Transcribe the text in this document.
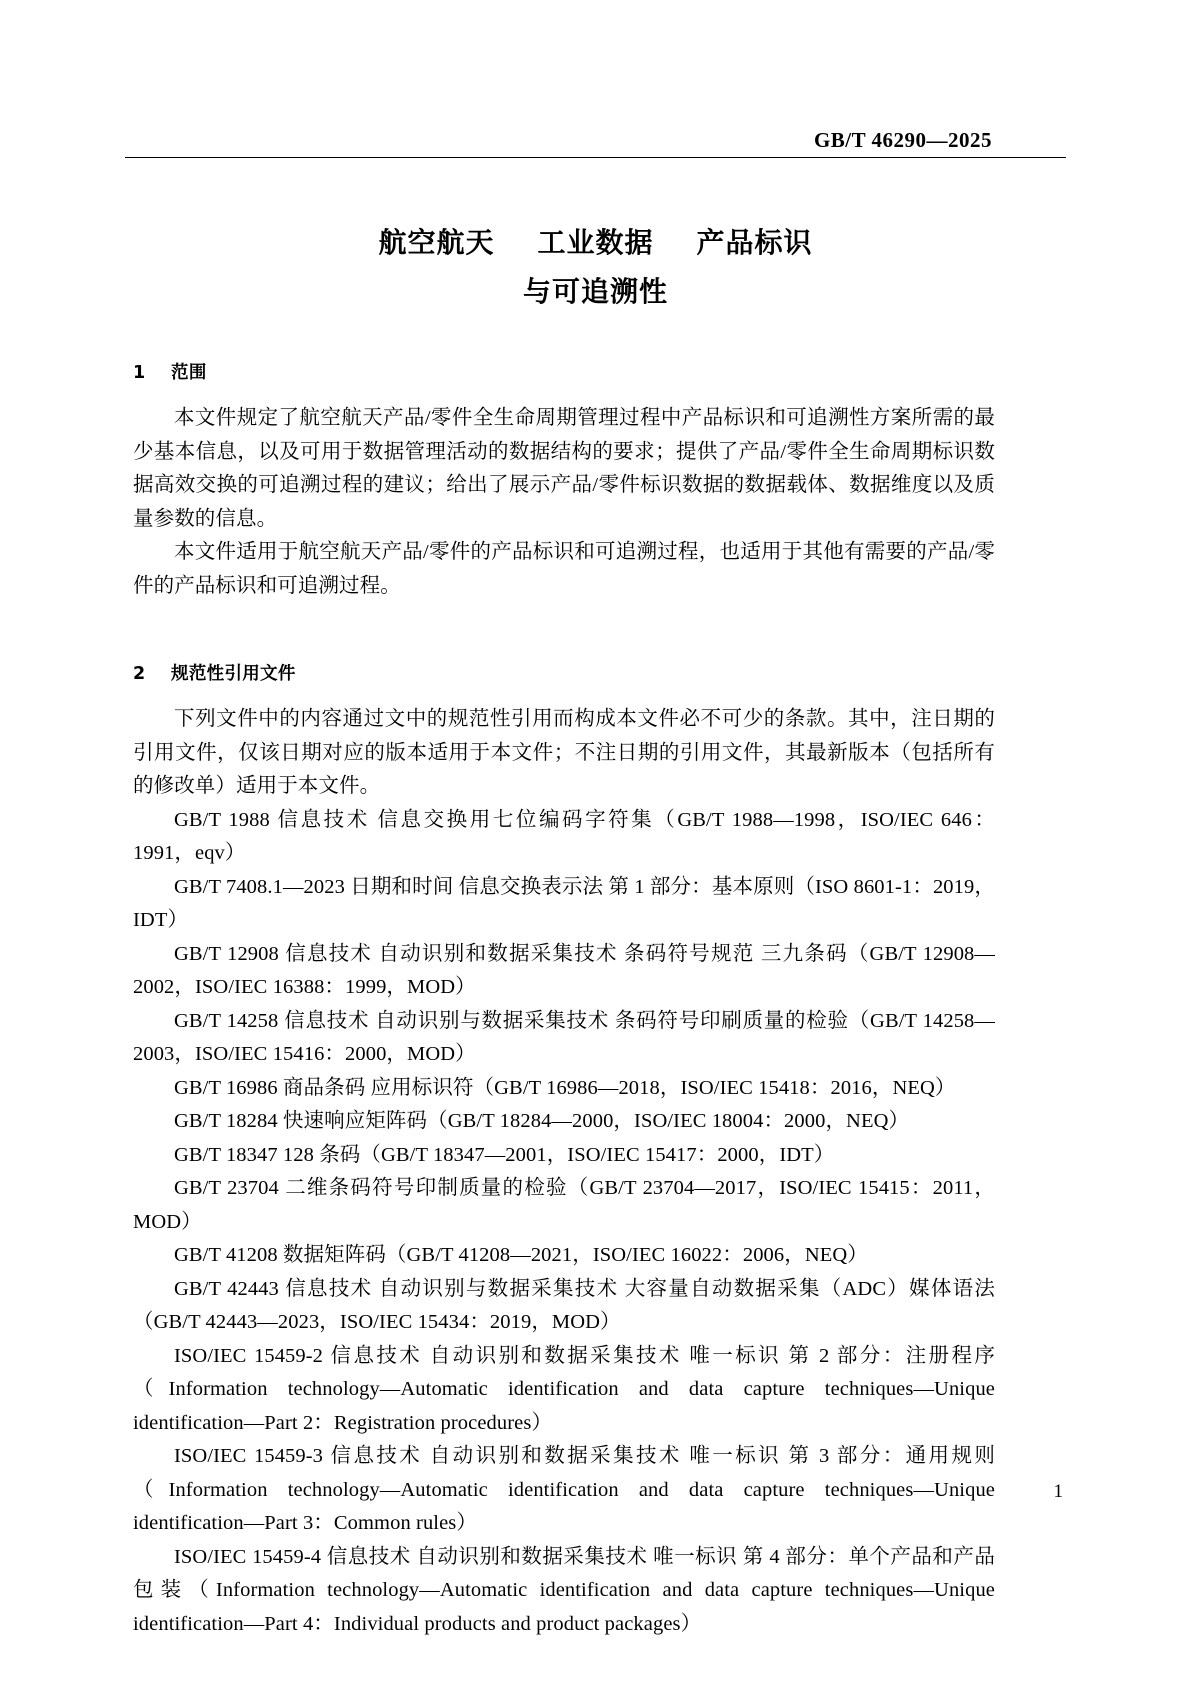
GB/T 46290—2025
航空航天    工业数据    产品标识
与可追溯性
1    范围

本文件规定了航空航天产品/零件全生命周期管理过程中产品标识和可追溯性方案所需的最少基本信息，以及可用于数据管理活动的数据结构的要求；提供了产品/零件全生命周期标识数据高效交换的可追溯过程的建议；给出了展示产品/零件标识数据的数据载体、数据维度以及质量参数的信息。

本文件适用于航空航天产品/零件的产品标识和可追溯过程，也适用于其他有需要的产品/零件的产品标识和可追溯过程。

2    规范性引用文件

下列文件中的内容通过文中的规范性引用而构成本文件必不可少的条款。其中，注日期的引用文件，仅该日期对应的版本适用于本文件；不注日期的引用文件，其最新版本（包括所有的修改单）适用于本文件。

GB/T 1988 信息技术 信息交换用七位编码字符集（GB/T 1988—1998，ISO/IEC 646：1991，eqv）

GB/T 7408.1—2023 日期和时间 信息交换表示法 第 1 部分：基本原则（ISO 8601-1：2019，IDT）

GB/T 12908 信息技术 自动识别和数据采集技术 条码符号规范 三九条码（GB/T 12908—2002，ISO/IEC 16388：1999，MOD）

GB/T 14258 信息技术 自动识别与数据采集技术 条码符号印刷质量的检验（GB/T 14258—2003，ISO/IEC 15416：2000，MOD）

GB/T 16986 商品条码 应用标识符（GB/T 16986—2018，ISO/IEC 15418：2016，NEQ）

GB/T 18284 快速响应矩阵码（GB/T 18284—2000，ISO/IEC 18004：2000，NEQ）

GB/T 18347 128 条码（GB/T 18347—2001，ISO/IEC 15417：2000，IDT）

GB/T 23704 二维条码符号印制质量的检验（GB/T 23704—2017，ISO/IEC 15415：2011，MOD）

GB/T 41208 数据矩阵码（GB/T 41208—2021，ISO/IEC 16022：2006，NEQ）

GB/T 42443 信息技术 自动识别与数据采集技术 大容量自动数据采集（ADC）媒体语法（GB/T 42443—2023，ISO/IEC 15434：2019，MOD）

ISO/IEC 15459-2 信息技术 自动识别和数据采集技术 唯一标识 第 2 部分：注册程序（Information technology—Automatic identification and data capture techniques—Unique identification—Part 2：Registration procedures）

ISO/IEC 15459-3 信息技术 自动识别和数据采集技术 唯一标识 第 3 部分：通用规则（Information technology—Automatic identification and data capture techniques—Unique identification—Part 3：Common rules）

ISO/IEC 15459-4 信息技术 自动识别和数据采集技术 唯一标识 第 4 部分：单个产品和产品包装（Information technology—Automatic identification and data capture techniques—Unique identification—Part 4：Individual products and product packages）

1
